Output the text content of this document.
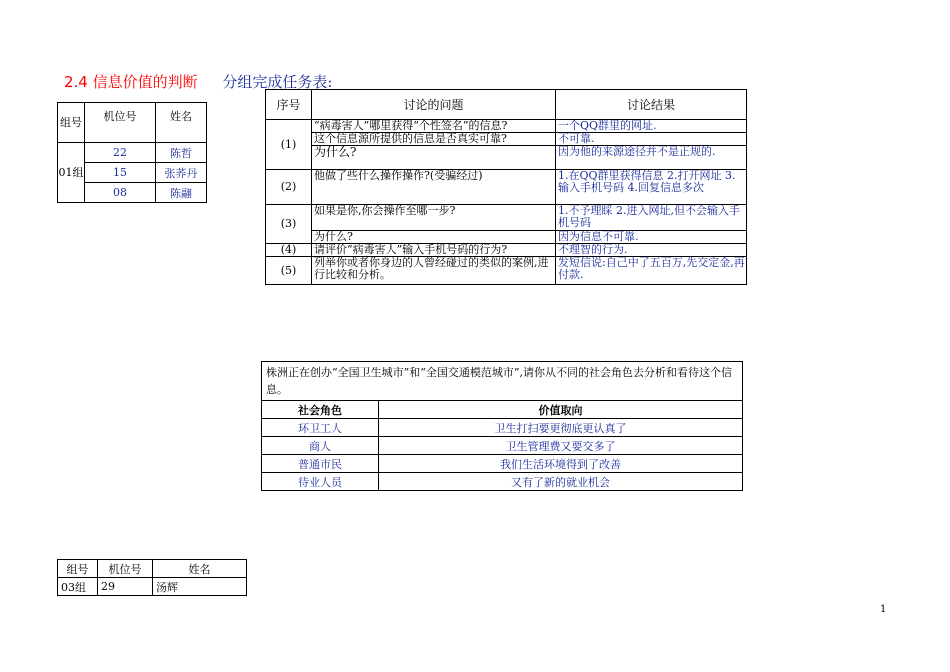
2.4 信息价值的判断 分组完成任务表:
组号	机位号	姓名
01组	22	陈哲
	15	张荞丹
	08	陈翮
序号	讨论的问题	讨论结果
(1)	“病毒害人”哪里获得“个性签名”的信息?	一个QQ群里的网址.
	这个信息源所提供的信息是否真实可靠?	不可靠.
	为什么?	因为他的来源途径并不是正规的.
(2)	他做了些什么操作操作?(受骗经过)	1.在QQ群里获得信息 2.打开网址 3.输入手机号码 4.回复信息多次
(3)	如果是你,你会操作至哪一步?	1.不予理睬 2.进入网址,但不会输入手机号码
	为什么?	因为信息不可靠.
(4)	请评价“病毒害人”输入手机号码的行为?	不理智的行为.
(5)	列举你或者你身边的人曾经碰过的类似的案例,进行比较和分析。	发短信说:自己中了五百万,先交定金,再付款.
株洲正在创办“全国卫生城市”和“全国交通模范城市”,请你从不同的社会角色去分析和看待这个信息。	
社会角色	价值取向
环卫工人	卫生打扫要更彻底更认真了
商人	卫生管理费又要交多了
普通市民	我们生活环境得到了改善
待业人员	又有了新的就业机会
组号	机位号	姓名
03组	29	汤辉
1
